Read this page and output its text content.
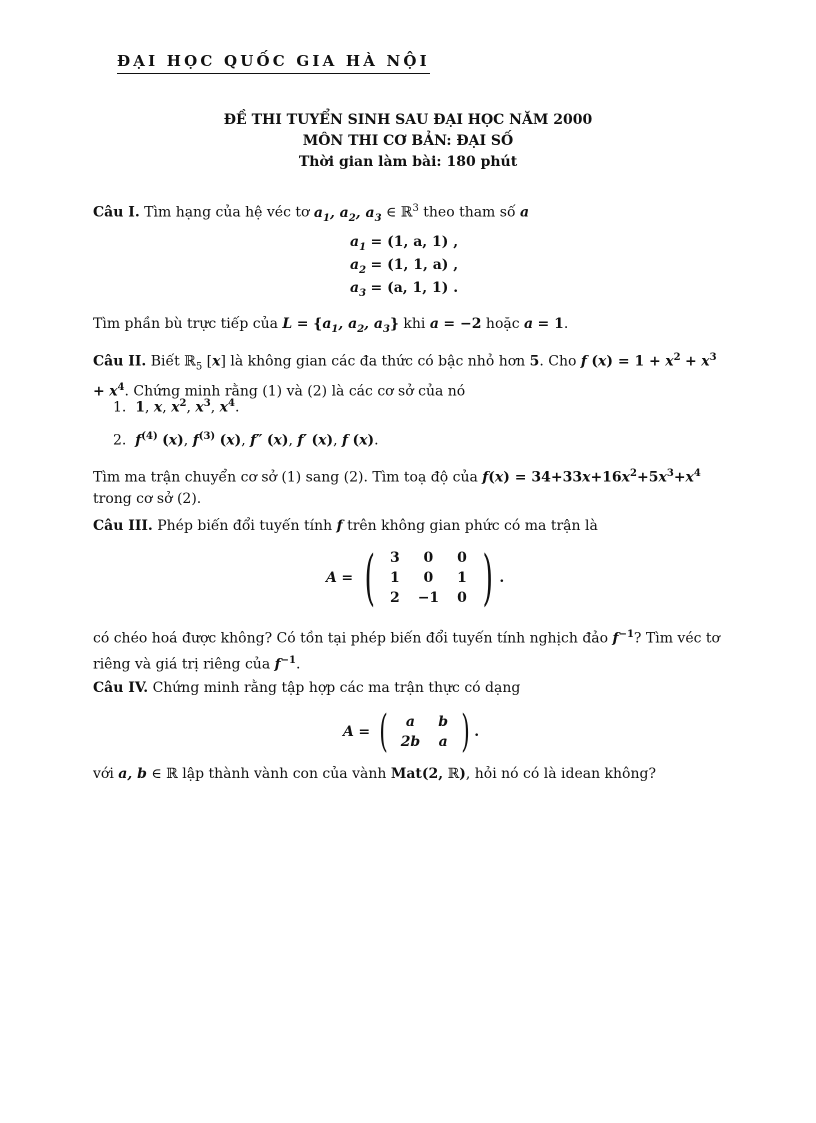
ĐẠI HỌC QUỐC GIA HÀ NỘI
ĐỀ THI TUYỂN SINH SAU ĐẠI HỌC NĂM 2000
MÔN THI CƠ BẢN: ĐẠI SỐ
Thời gian làm bài: 180 phút
Câu I. Tìm hạng của hệ véc tơ $a_1$, $a_2$, $a_3$ ∈ ℝ$^3$ theo tham số a
$a_1 = (1$, a, 1) ,
$a_2 = (1$, 1, a) ,
$a_3 = (a$, 1, 1) .
Tìm phần bù trực tiếp của $L = \{a_1$, $a_2$, $a_3$} khi a = −2 hoặc a = 1.
Câu II. Biết ℝ$_5$ [x] là không gian các đa thức có bậc nhỏ hơn 5. Cho f $(x) = 1 + x^2 + x^3 + x^4$. Chứng minh rằng (1) và (2) là các cơ sở của nó
1. 1, x, $x^2$, $x^3$, $x^4$.
2. $f^{(4)}$ (x), $f^{(3)}$ (x), f″ (x), f′ (x), f (x).
Tìm ma trận chuyển cơ sở (1) sang (2). Tìm toạ độ của $f(x) = 34+33x+16x^2+5x^3+x^4$ trong cơ sở (2).
Câu III. Phép biến đổi tuyến tính f trên không gian phức có ma trận là
A
=
( 3	0	0
1	0	1
2	−1	0 ) .
có chéo hoá được không? Có tồn tại phép biến đổi tuyến tính nghịch đảo $f^{-1}$? Tìm véc tơ riêng và giá trị riêng của $f^{-1}$.
Câu IV. Chứng minh rằng tập hợp các ma trận thực có dạng
A
=
( a	b
2b	a ) .
với a, b ∈ ℝ lập thành vành con của vành Mat(2, ℝ), hỏi nó có là idean không?
